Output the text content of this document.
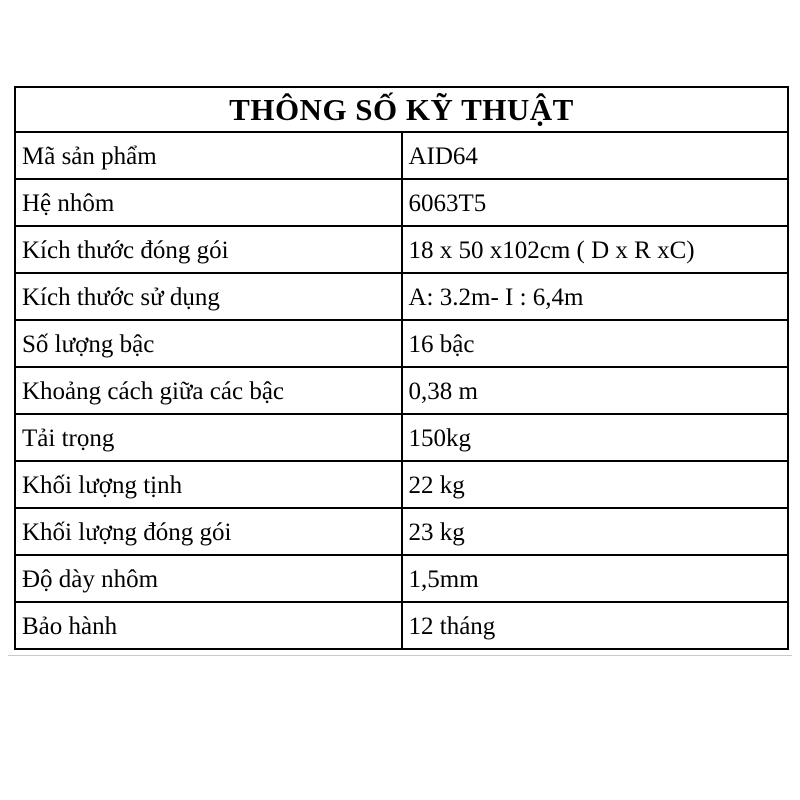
THÔNG SỐ KỸ THUẬT	
Mã sản phẩm	AID64
Hệ nhôm	6063T5
Kích thước đóng gói	18 x 50 x102cm ( D x R xC)
Kích thước sử dụng	A: 3.2m- I : 6,4m
Số lượng bậc	16 bậc
Khoảng cách giữa các bậc	0,38 m
Tải trọng	150kg
Khối lượng tịnh	22 kg
Khối lượng đóng gói	23 kg
Độ dày nhôm	1,5mm
Bảo hành	12 tháng
